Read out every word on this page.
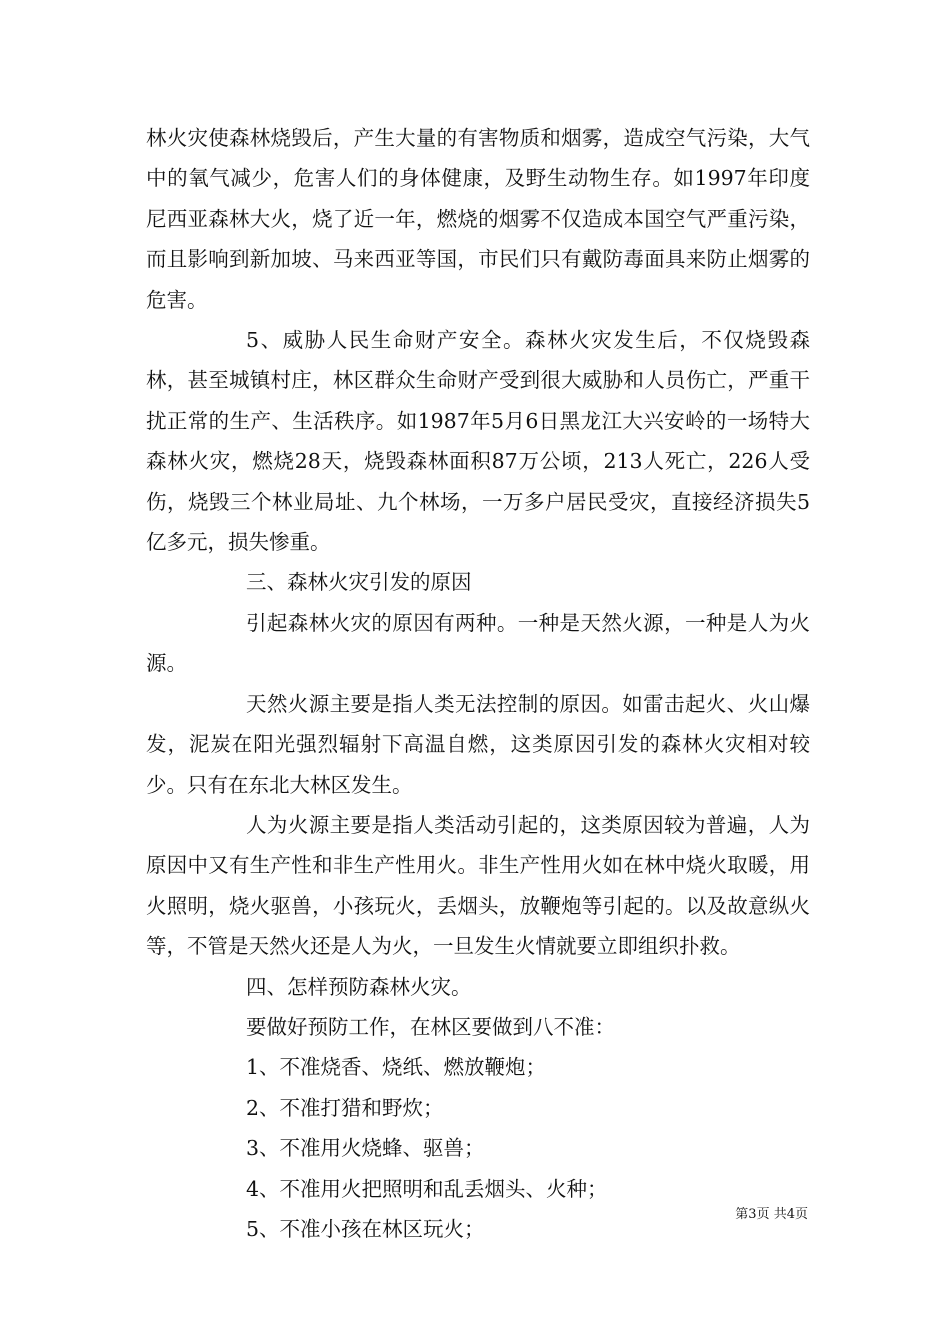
林火灾使森林烧毁后，产生大量的有害物质和烟雾，造成空气污染，大气中的氧气减少，危害人们的身体健康，及野生动物生存。如1997年印度尼西亚森林大火，烧了近一年，燃烧的烟雾不仅造成本国空气严重污染，而且影响到新加坡、马来西亚等国，市民们只有戴防毒面具来防止烟雾的危害。

5、威胁人民生命财产安全。森林火灾发生后，不仅烧毁森林，甚至城镇村庄，林区群众生命财产受到很大威胁和人员伤亡，严重干扰正常的生产、生活秩序。如1987年5月6日黑龙江大兴安岭的一场特大森林火灾，燃烧28天，烧毁森林面积87万公顷，213人死亡，226人受伤，烧毁三个林业局址、九个林场，一万多户居民受灾，直接经济损失5亿多元，损失惨重。

三、森林火灾引发的原因

引起森林火灾的原因有两种。一种是天然火源，一种是人为火源。

天然火源主要是指人类无法控制的原因。如雷击起火、火山爆发，泥炭在阳光强烈辐射下高温自燃，这类原因引发的森林火灾相对较少。只有在东北大林区发生。

人为火源主要是指人类活动引起的，这类原因较为普遍，人为原因中又有生产性和非生产性用火。非生产性用火如在林中烧火取暖，用火照明，烧火驱兽，小孩玩火，丢烟头，放鞭炮等引起的。以及故意纵火等，不管是天然火还是人为火，一旦发生火情就要立即组织扑救。

四、怎样预防森林火灾。

要做好预防工作，在林区要做到八不准：

1、不准烧香、烧纸、燃放鞭炮；

2、不准打猎和野炊；

3、不准用火烧蜂、驱兽；

4、不准用火把照明和乱丢烟头、火种；

5、不准小孩在林区玩火；

第3页 共4页
